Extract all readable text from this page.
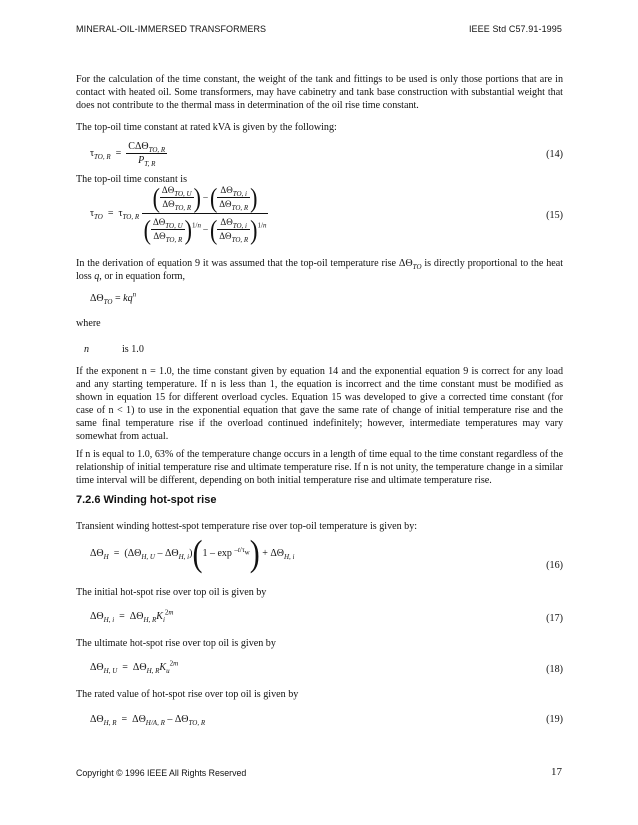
MINERAL-OIL-IMMERSED TRANSFORMERS	IEEE Std C57.91-1995

For the calculation of the time constant, the weight of the tank and fittings to be used is only those portions that are in contact with heated oil. Some transformers, may have cabinetry and tank base construction with substantial weight that does not contribute to the thermal mass in determination of the oil rise time constant.

The top-oil time constant at rated kVA is given by the following:

$\tau_{TO, R} = \frac{C\Delta\Theta_{TO, R}}{P_{T, R}}$	(14)

The top-oil time constant is

$\tau_{TO} = \tau_{TO, R} \frac{( \frac{\Delta\Theta_{TO, U}}{\Delta\Theta_{TO, R}} ) - ( \frac{\Delta\Theta_{TO, i}}{\Delta\Theta_{TO, R}} )}{( \frac{\Delta\Theta_{TO, U}}{\Delta\Theta_{TO, R}} )^{1/n} - ( \frac{\Delta\Theta_{TO, i}}{\Delta\Theta_{TO, R}} )^{1/n}}$	(15)

In the derivation of equation 9 it was assumed that the top-oil temperature rise $\Delta\Theta_{TO}$ is directly proportional to the heat loss q, or in equation form,

$\Delta\Theta_{TO} = kq^n$
where
n	is 1.0

If the exponent n = 1.0, the time constant given by equation 14 and the exponential equation 9 is correct for any load and any starting temperature. If n is less than 1, the equation is incorrect and the time constant must be modified as shown in equation 15 for different overload cycles. Equation 15 was developed to give a corrected time constant (for case of n < 1) to use in the exponential equation that gave the same rate of change of initial temperature rise and the same final temperature rise if the overload continued indefinitely; however, intermediate temperatures may vary somewhat from actual.

If n is equal to 1.0, 63% of the temperature change occurs in a length of time equal to the time constant regardless of the relationship of initial temperature rise and ultimate temperature rise. If n is not unity, the temperature change in a similar time interval will be different, depending on both initial temperature rise and ultimate temperature rise.

7.2.6 Winding hot-spot rise

Transient winding hottest-spot temperature rise over top-oil temperature is given by:

$\Delta\Theta_H = (\Delta\Theta_{H, U} - \Delta\Theta_{H, i})(1 - \exp ^{-t/\tau_w}) + \Delta\Theta_{H, i}$
(16)

The initial hot-spot rise over top oil is given by

$\Delta\Theta_{H, i} = \Delta\Theta_{H, R}K_i^{2m}$
(17)

The ultimate hot-spot rise over top oil is given by

$\Delta\Theta_{H, U} = \Delta\Theta_{H, R}K_u^{2m}$
(18)

The rated value of hot-spot rise over top oil is given by

$\Delta\Theta_{H, R} = \Delta\Theta_{H/A, R} - \Delta\Theta_{TO, R}$	(19)
Copyright © 1996 IEEE All Rights Reserved	17
